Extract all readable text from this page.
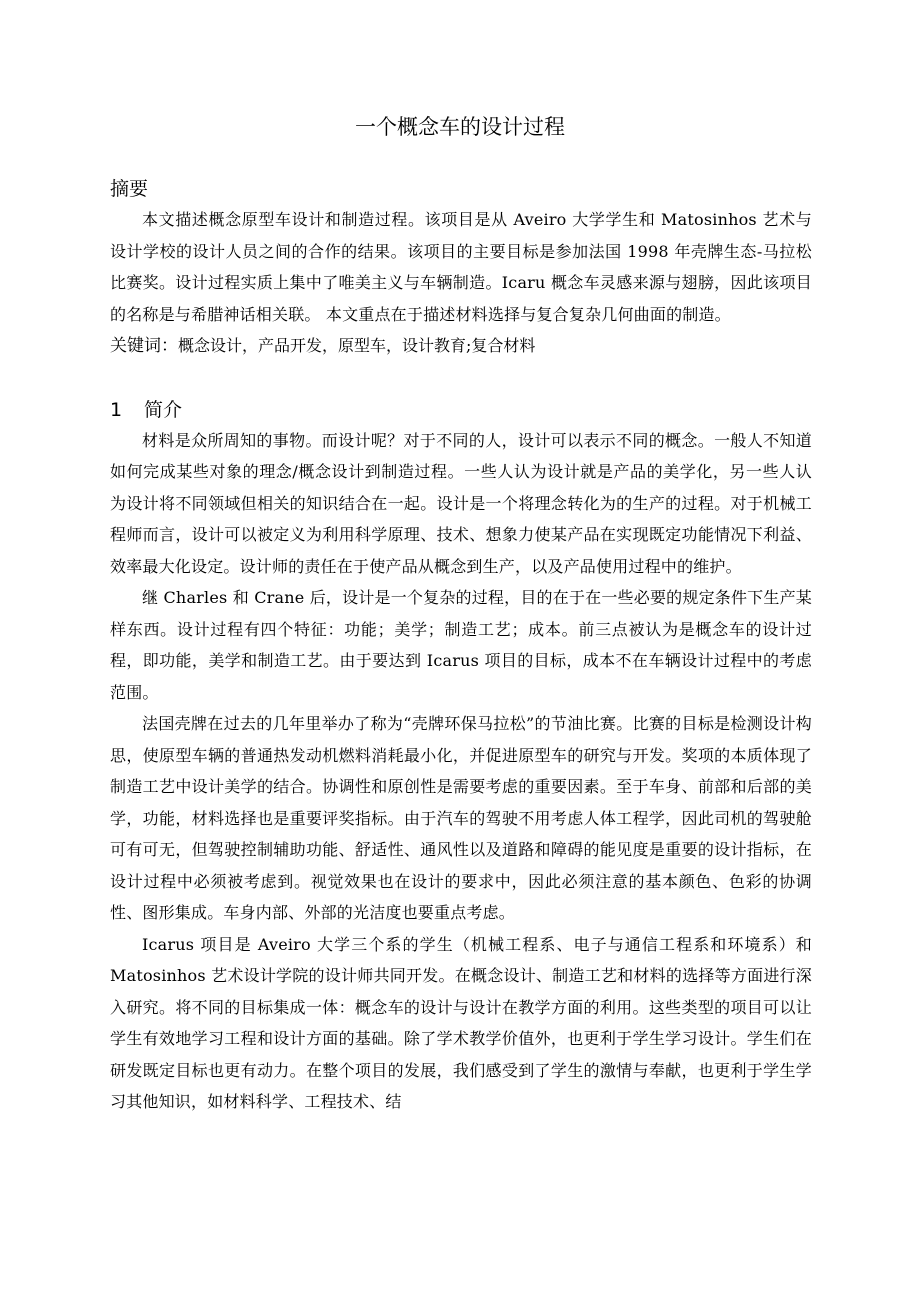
一个概念车的设计过程
摘要

本文描述概念原型车设计和制造过程。该项目是从 Aveiro 大学学生和 Matosinhos 艺术与设计学校的设计人员之间的合作的结果。该项目的主要目标是参加法国 1998 年壳牌生态-马拉松比赛奖。设计过程实质上集中了唯美主义与车辆制造。Icaru 概念车灵感来源与翅膀，因此该项目的名称是与希腊神话相关联。 本文重点在于描述材料选择与复合复杂几何曲面的制造。

关键词：概念设计，产品开发，原型车，设计教育;复合材料

1 简介

材料是众所周知的事物。而设计呢？对于不同的人，设计可以表示不同的概念。一般人不知道如何完成某些对象的理念/概念设计到制造过程。一些人认为设计就是产品的美学化，另一些人认为设计将不同领域但相关的知识结合在一起。设计是一个将理念转化为的生产的过程。对于机械工程师而言，设计可以被定义为利用科学原理、技术、想象力使某产品在实现既定功能情况下利益、效率最大化设定。设计师的责任在于使产品从概念到生产，以及产品使用过程中的维护。

继 Charles 和 Crane 后，设计是一个复杂的过程，目的在于在一些必要的规定条件下生产某样东西。设计过程有四个特征：功能；美学；制造工艺；成本。前三点被认为是概念车的设计过程，即功能，美学和制造工艺。由于要达到 Icarus 项目的目标，成本不在车辆设计过程中的考虑范围。

法国壳牌在过去的几年里举办了称为“壳牌环保马拉松”的节油比赛。比赛的目标是检测设计构思，使原型车辆的普通热发动机燃料消耗最小化，并促进原型车的研究与开发。奖项的本质体现了制造工艺中设计美学的结合。协调性和原创性是需要考虑的重要因素。至于车身、前部和后部的美学，功能，材料选择也是重要评奖指标。由于汽车的驾驶不用考虑人体工程学，因此司机的驾驶舱可有可无，但驾驶控制辅助功能、舒适性、通风性以及道路和障碍的能见度是重要的设计指标，在设计过程中必须被考虑到。视觉效果也在设计的要求中，因此必须注意的基本颜色、色彩的协调性、图形集成。车身内部、外部的光洁度也要重点考虑。

Icarus 项目是 Aveiro 大学三个系的学生（机械工程系、电子与通信工程系和环境系）和 Matosinhos 艺术设计学院的设计师共同开发。在概念设计、制造工艺和材料的选择等方面进行深入研究。将不同的目标集成一体：概念车的设计与设计在教学方面的利用。这些类型的项目可以让学生有效地学习工程和设计方面的基础。除了学术教学价值外，也更利于学生学习设计。学生们在研发既定目标也更有动力。在整个项目的发展，我们感受到了学生的激情与奉献，也更利于学生学习其他知识，如材料科学、工程技术、结
